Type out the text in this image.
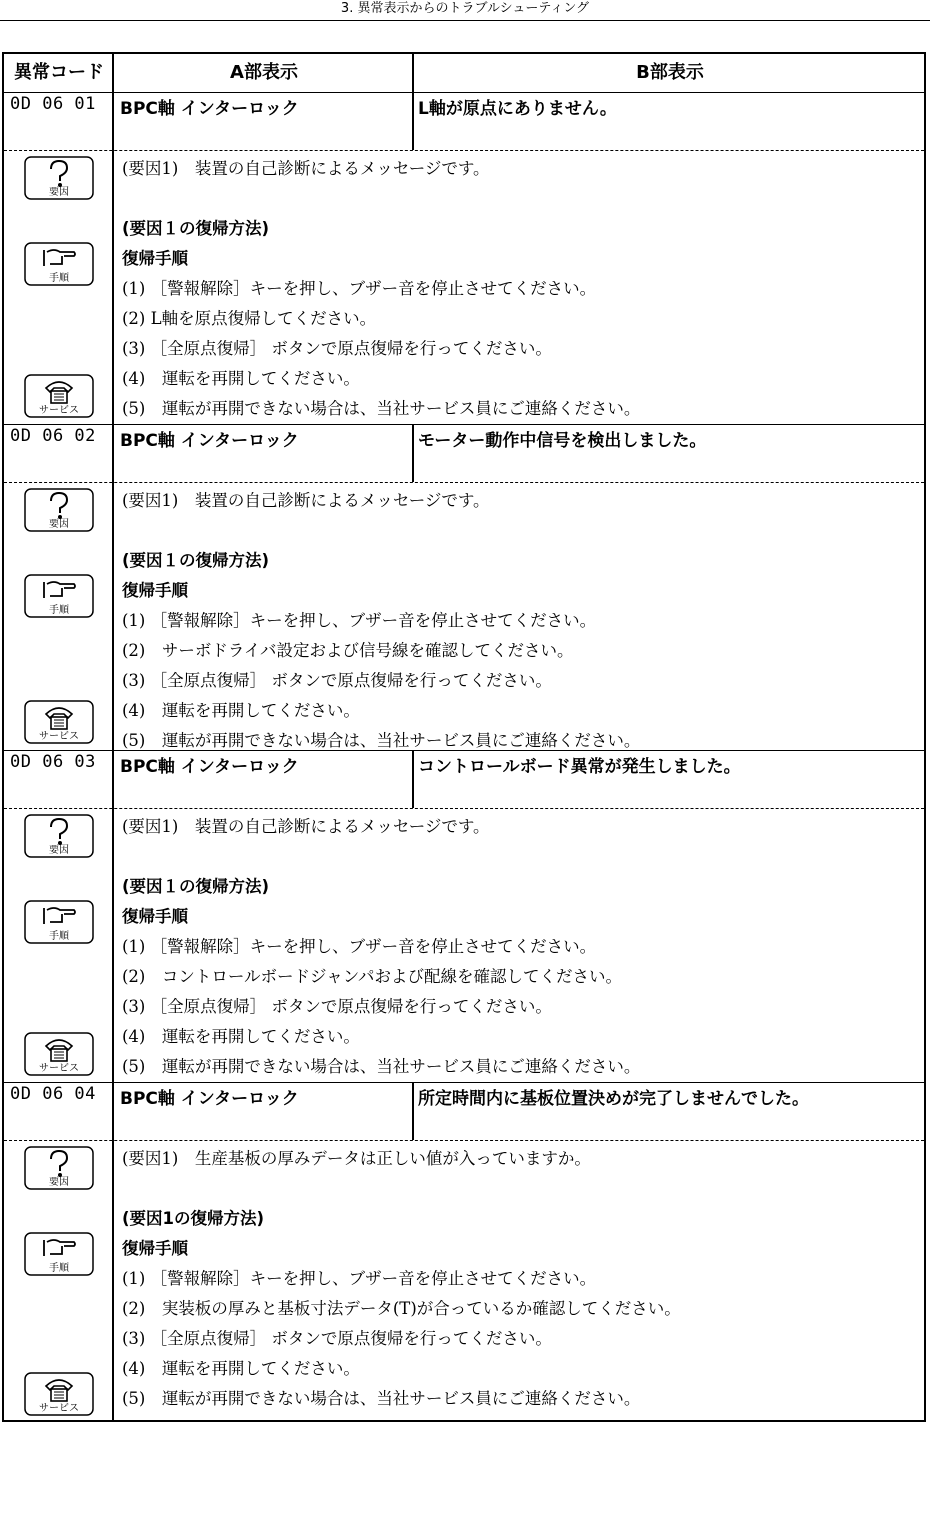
3. 異常表示からのトラブルシューティング
異常コード	A部表示	B部表示
0D 06 01 BPC軸 インターロック	L軸が原点にありません。
(要因1)　装置の自己診断によるメッセージです。
(要因１の復帰方法)
復帰手順
(1) ［警報解除］キーを押し、ブザー音を停止させてください。
(2) L軸を原点復帰してください。
(3) ［全原点復帰］ ボタンで原点復帰を行ってください。
(4)　運転を再開してください。
(5)　運転が再開できない場合は、当社サービス員にご連絡ください。
要因
手順
サービス
0D 06 02 BPC軸 インターロック	モーター動作中信号を検出しました。
(要因1)　装置の自己診断によるメッセージです。
(要因１の復帰方法)
復帰手順
(1) ［警報解除］キーを押し、ブザー音を停止させてください。
(2)　サーボドライバ設定および信号線を確認してください。
(3) ［全原点復帰］ ボタンで原点復帰を行ってください。
(4)　運転を再開してください。
(5)　運転が再開できない場合は、当社サービス員にご連絡ください。
要因
手順
サービス
0D 06 03 BPC軸 インターロック	コントロールボード異常が発生しました。
(要因1)　装置の自己診断によるメッセージです。
(要因１の復帰方法)
復帰手順
(1) ［警報解除］キーを押し、ブザー音を停止させてください。
(2)　コントロールボードジャンパおよび配線を確認してください。
(3) ［全原点復帰］ ボタンで原点復帰を行ってください。
(4)　運転を再開してください。
(5)　運転が再開できない場合は、当社サービス員にご連絡ください。
要因
手順
サービス
0D 06 04 BPC軸 インターロック	所定時間内に基板位置決めが完了しませんでした。
(要因1)　生産基板の厚みデータは正しい値が入っていますか。
(要因1の復帰方法)
復帰手順
(1) ［警報解除］キーを押し、ブザー音を停止させてください。
(2)　実装板の厚みと基板寸法データ(T)が合っているか確認してください。
(3) ［全原点復帰］ ボタンで原点復帰を行ってください。
(4)　運転を再開してください。
(5)　運転が再開できない場合は、当社サービス員にご連絡ください。
要因
手順
サービス
